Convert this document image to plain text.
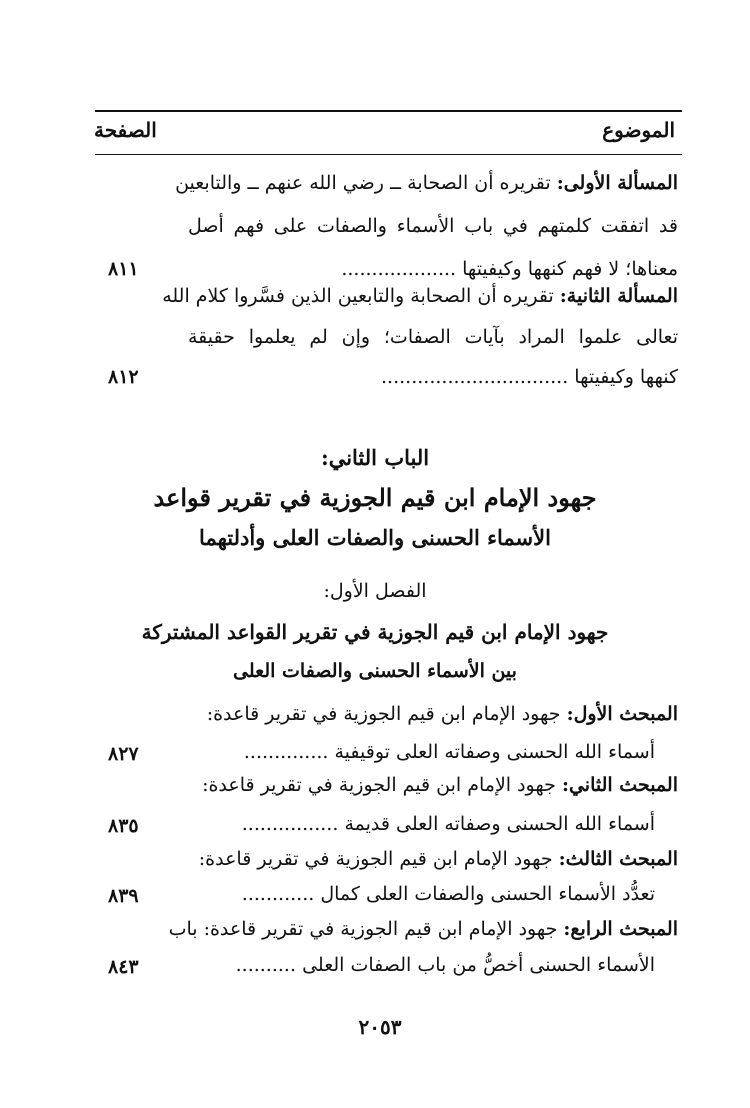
الموضوع
الصفحة
المسألة الأولى: تقريره أن الصحابة ــ رضي الله عنهم ــ والتابعين
قد اتفقت كلمتهم في باب الأسماء والصفات على فهم أصل
معناها؛ لا فهم كنهها وكيفيتها ...................
٨١١
المسألة الثانية: تقريره أن الصحابة والتابعين الذين فسَّروا كلام الله
تعالى علموا المراد بآيات الصفات؛ وإن لم يعلموا حقيقة
كنهها وكيفيتها ...............................
٨١٢
الباب الثاني:
جهود الإمام ابن قيم الجوزية في تقرير قواعد
الأسماء الحسنى والصفات العلى وأدلتهما
الفصل الأول:
جهود الإمام ابن قيم الجوزية في تقرير القواعد المشتركة
بين الأسماء الحسنى والصفات العلى
المبحث الأول: جهود الإمام ابن قيم الجوزية في تقرير قاعدة:
أسماء الله الحسنى وصفاته العلى توقيفية ..............
٨٢٧
المبحث الثاني: جهود الإمام ابن قيم الجوزية في تقرير قاعدة:
أسماء الله الحسنى وصفاته العلى قديمة ................
٨٣٥
المبحث الثالث: جهود الإمام ابن قيم الجوزية في تقرير قاعدة:
تعدُّد الأسماء الحسنى والصفات العلى كمال ............
٨٣٩
المبحث الرابع: جهود الإمام ابن قيم الجوزية في تقرير قاعدة: باب
الأسماء الحسنى أخصُّ من باب الصفات العلى ..........
٨٤٣
٢٠٥٣
